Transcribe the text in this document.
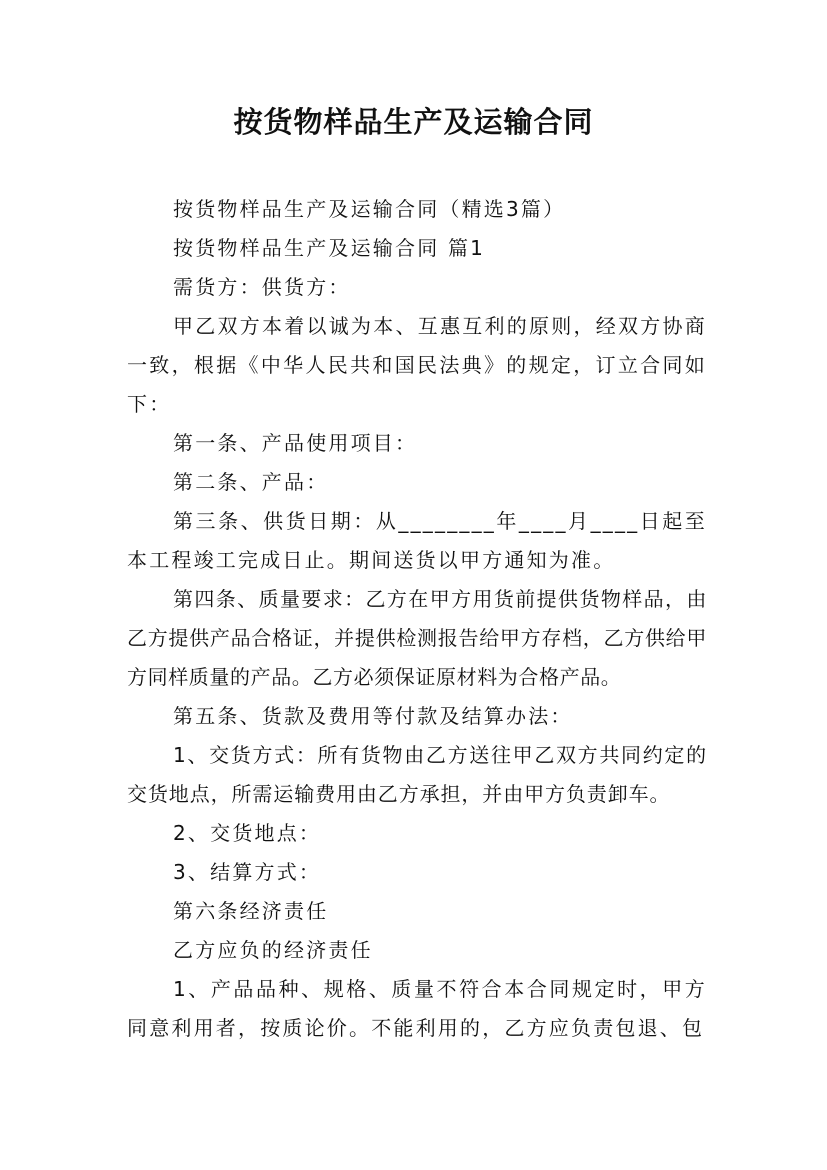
按货物样品生产及运输合同

按货物样品生产及运输合同（精选3篇）

按货物样品生产及运输合同 篇1

需货方：供货方：

甲乙双方本着以诚为本、互惠互利的原则，经双方协商一致，根据《中华人民共和国民法典》的规定，订立合同如下：

第一条、产品使用项目：

第二条、产品：

第三条、供货日期：从________年____月____日起至本工程竣工完成日止。期间送货以甲方通知为准。

第四条、质量要求：乙方在甲方用货前提供货物样品，由乙方提供产品合格证，并提供检测报告给甲方存档，乙方供给甲方同样质量的产品。乙方必须保证原材料为合格产品。

第五条、货款及费用等付款及结算办法：

1、交货方式：所有货物由乙方送往甲乙双方共同约定的交货地点，所需运输费用由乙方承担，并由甲方负责卸车。

2、交货地点：

3、结算方式：

第六条经济责任

乙方应负的经济责任

1、产品品种、规格、质量不符合本合同规定时，甲方同意利用者，按质论价。不能利用的，乙方应负责包退、包
